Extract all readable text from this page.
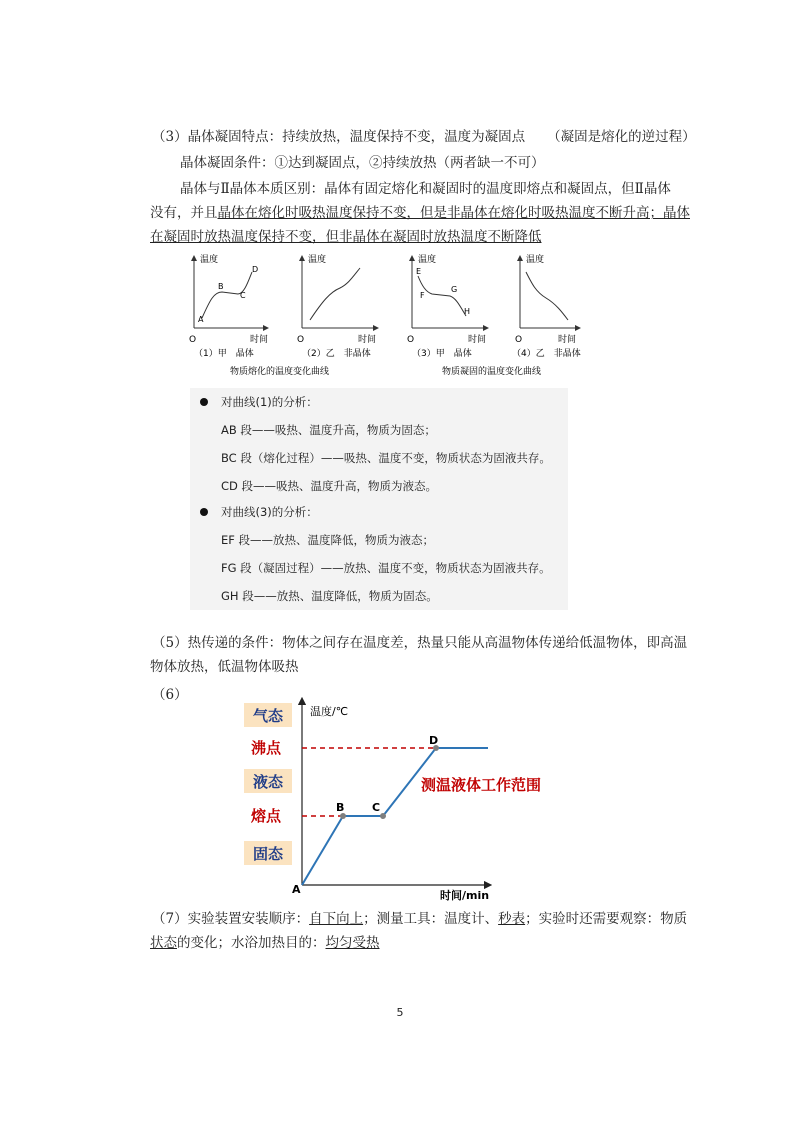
（3）晶体凝固特点：持续放热，温度保持不变，温度为凝固点 （凝固是熔化的逆过程）
晶体凝固条件：①达到凝固点，②持续放热（两者缺一不可）
晶体与Ⅱ晶体本质区别：晶体有固定熔化和凝固时的温度即熔点和凝固点，但Ⅱ晶体
没有，并且晶体在熔化时吸热温度保持不变，但是非晶体在熔化时吸热温度不断升高；晶体
在凝固时放热温度保持不变，但非晶体在凝固时放热温度不断降低
温度
O	时间
A
B
C
D
（1）甲　晶体
温度
O	时间
（2）乙　非晶体
温度
O	时间
E
F
G
H
（3）甲　晶体
温度
O	时间
（4）乙　非晶体
物质熔化的温度变化曲线	物质凝固的温度变化曲线
对曲线(1)的分析：
AB 段——吸热、温度升高，物质为固态；
BC 段（熔化过程）——吸热、温度不变，物质状态为固液共存。
CD 段——吸热、温度升高，物质为液态。
对曲线(3)的分析：
EF 段——放热、温度降低，物质为液态；
FG 段（凝固过程）——放热、温度不变，物质状态为固液共存。
GH 段——放热、温度降低，物质为固态。
（5）热传递的条件：物体之间存在温度差，热量只能从高温物体传递给低温物体，即高温
物体放热，低温物体吸热
（6）
气态
液态
固态
沸点
熔点
温度/℃
时间/min
A
B	C
D
测温液体工作范围
（7）实验装置安装顺序：自下向上；测量工具：温度计、秒表；实验时还需要观察：物质
状态的变化；水浴加热目的：均匀受热
5
